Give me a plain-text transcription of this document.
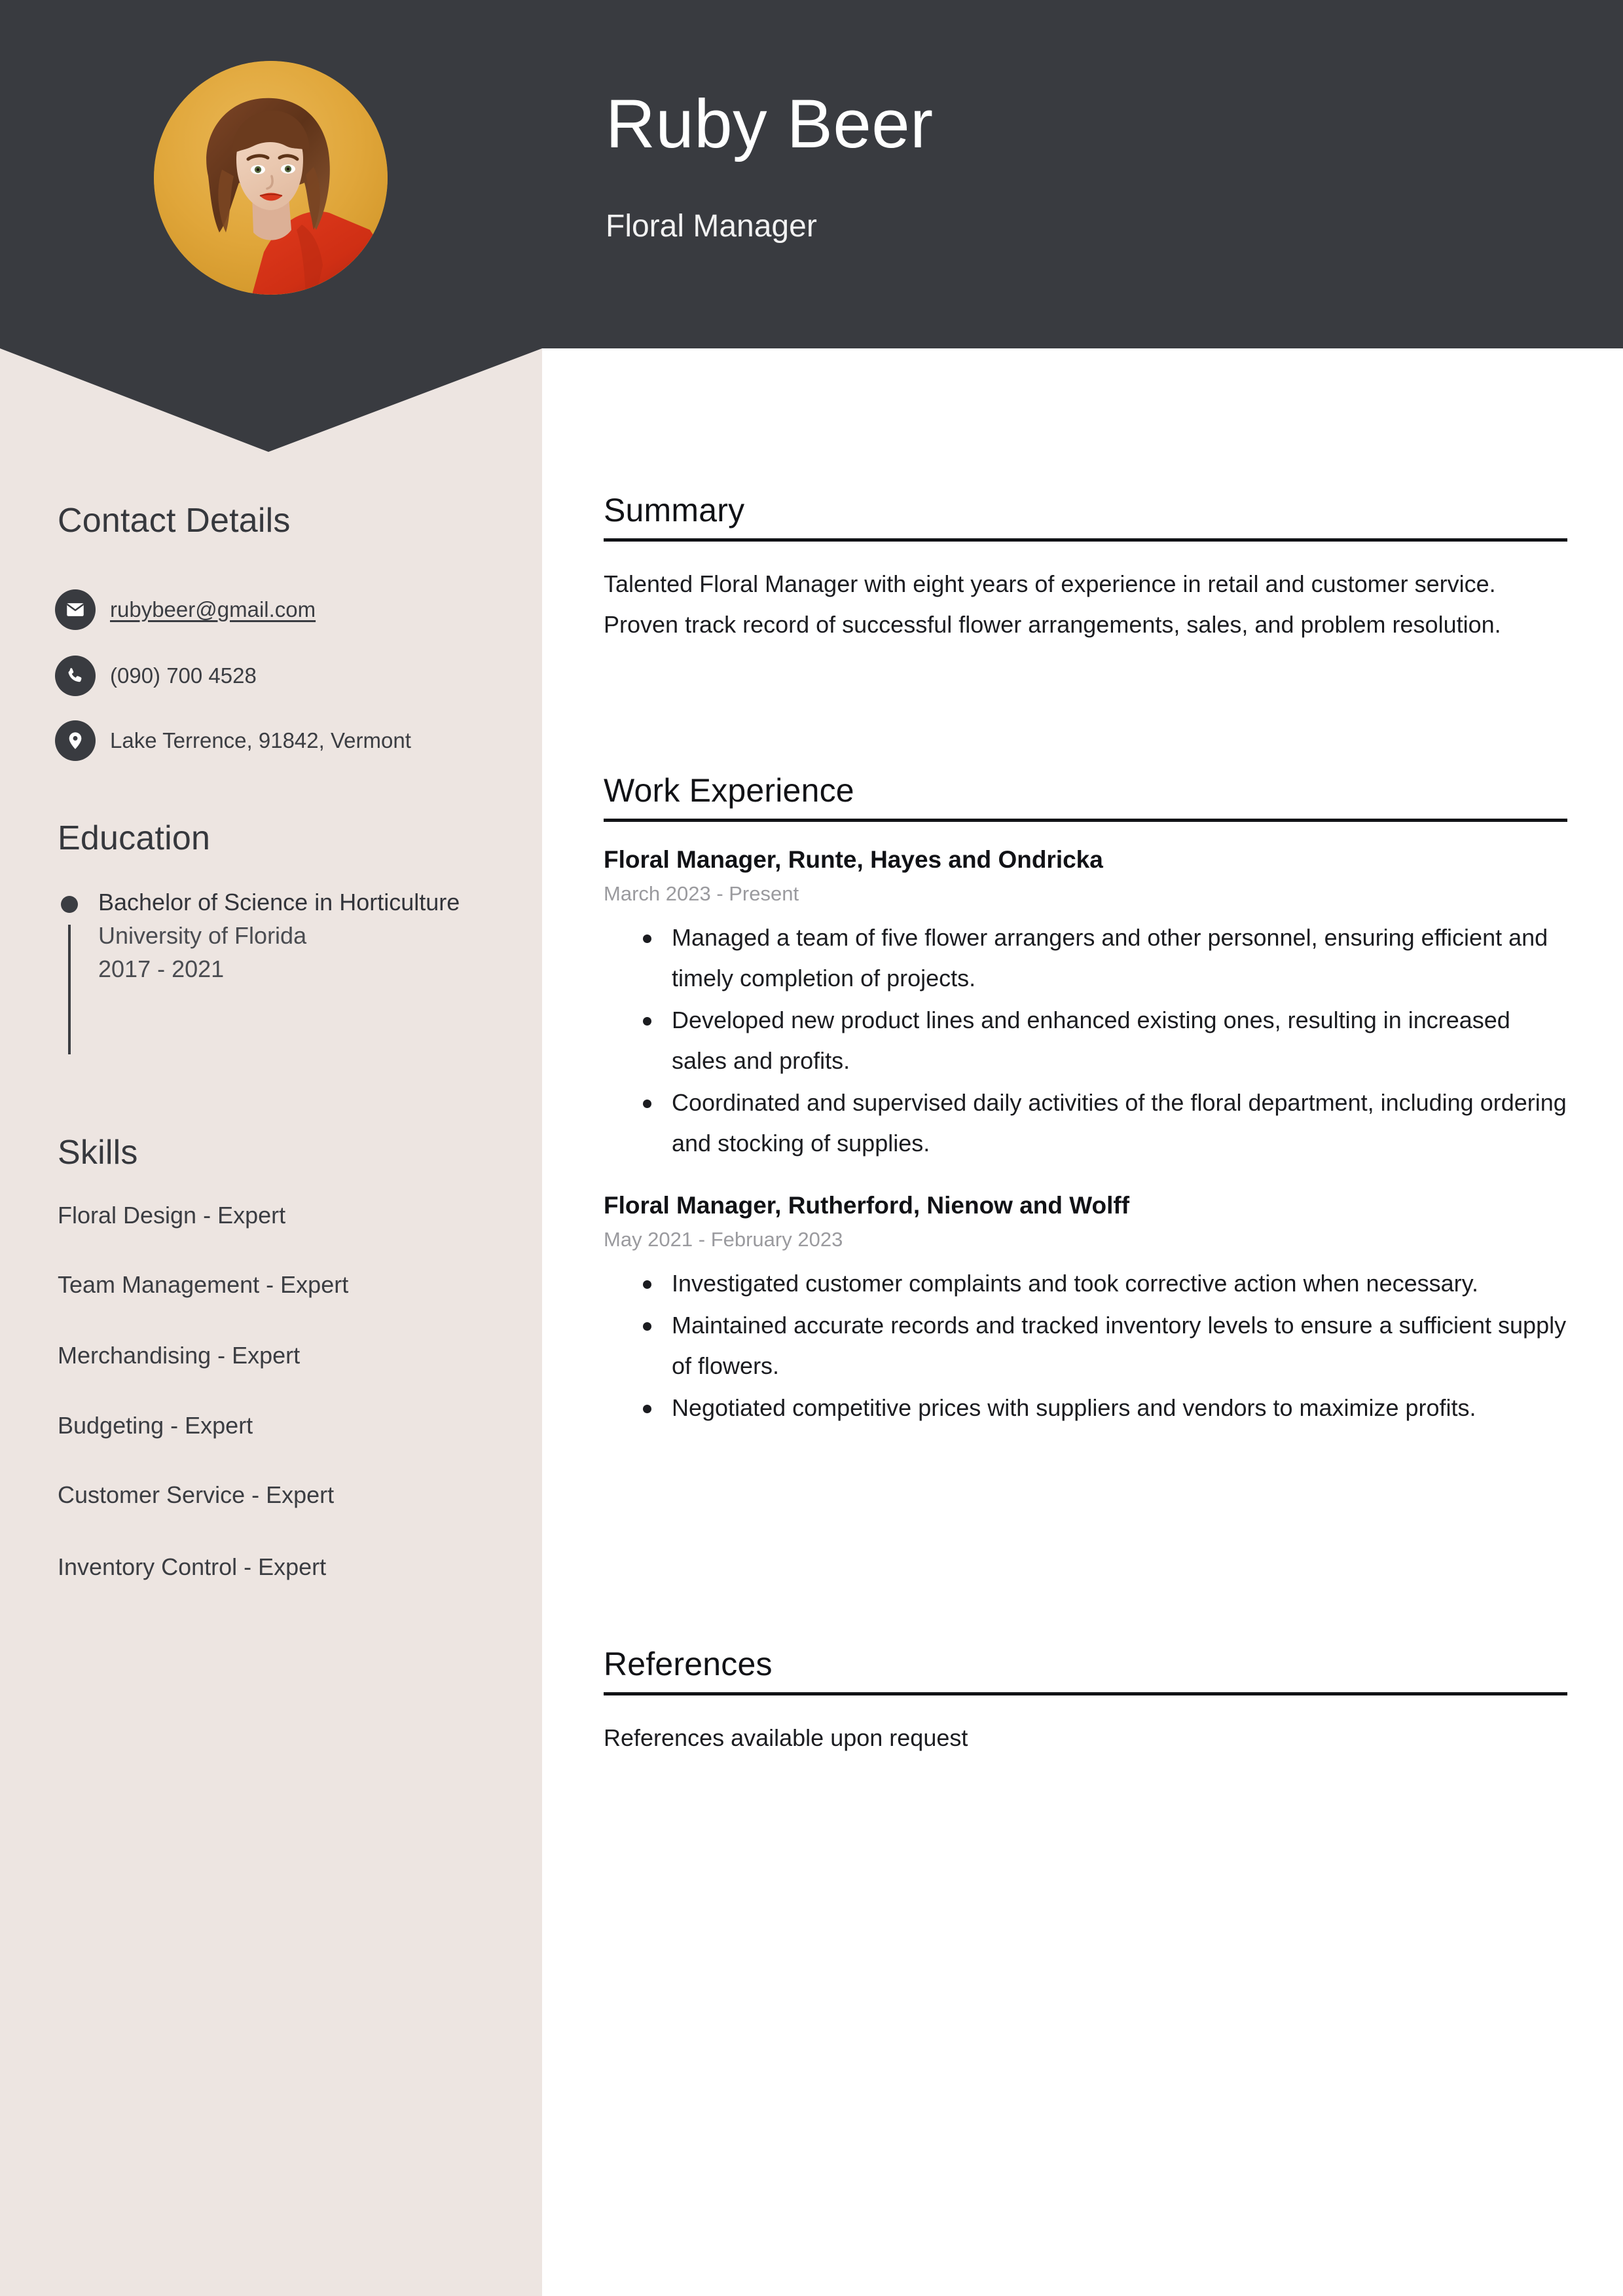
Ruby Beer
Floral Manager
Contact Details
rubybeer@gmail.com
(090) 700 4528
Lake Terrence, 91842, Vermont
Education
Bachelor of Science in Horticulture
University of Florida
2017 - 2021
Skills
Floral Design - Expert
Team Management - Expert
Merchandising - Expert
Budgeting - Expert
Customer Service - Expert
Inventory Control - Expert
Summary
Talented Floral Manager with eight years of experience in retail and customer service. Proven track record of successful flower arrangements, sales, and problem resolution.
Work Experience
Floral Manager, Runte, Hayes and Ondricka
March 2023 - Present
Managed a team of five flower arrangers and other personnel, ensuring efficient and timely completion of projects.
Developed new product lines and enhanced existing ones, resulting in increased sales and profits.
Coordinated and supervised daily activities of the floral department, including ordering and stocking of supplies.
Floral Manager, Rutherford, Nienow and Wolff
May 2021 - February 2023
Investigated customer complaints and took corrective action when necessary.
Maintained accurate records and tracked inventory levels to ensure a sufficient supply of flowers.
Negotiated competitive prices with suppliers and vendors to maximize profits.
References
References available upon request
